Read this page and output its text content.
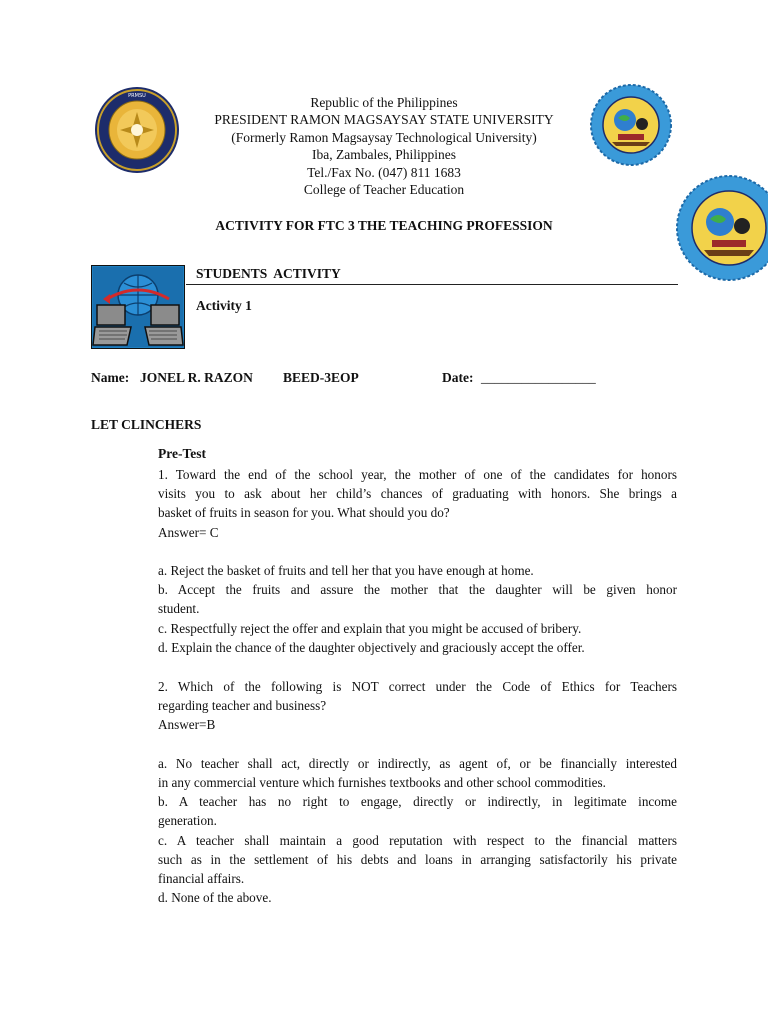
PRMSU	Republic of the Philippines
PRESIDENT RAMON MAGSAYSAY STATE UNIVERSITY
(Formerly Ramon Magsaysay Technological University)
Iba, Zambales, Philippines
Tel./Fax No. (047) 811 1683
College of Teacher Education
ACTIVITY FOR FTC 3 THE TEACHING PROFESSION
STUDENTS  ACTIVITY
Activity 1
Name: JONEL R. RAZON BEED-3EOP	Date: _________________
LET CLINCHERS
Pre-Test
1. Toward the end of the school year, the mother of one of the candidates for honors
visits you to ask about her child’s chances of graduating with honors. She brings a
basket of fruits in season for you. What should you do?
Answer= C
a. Reject the basket of fruits and tell her that you have enough at home.
b. Accept the fruits and assure the mother that the daughter will be given honor
student.
c. Respectfully reject the offer and explain that you might be accused of bribery.
d. Explain the chance of the daughter objectively and graciously accept the offer.
2. Which of the following is NOT correct under the Code of Ethics for Teachers
regarding teacher and business?
Answer=B
a. No teacher shall act, directly or indirectly, as agent of, or be financially interested
in any commercial venture which furnishes textbooks and other school commodities.
b. A teacher has no right to engage, directly or indirectly, in legitimate income
generation.
c. A teacher shall maintain a good reputation with respect to the financial matters
such as in the settlement of his debts and loans in arranging satisfactorily his private
financial affairs.
d. None of the above.
